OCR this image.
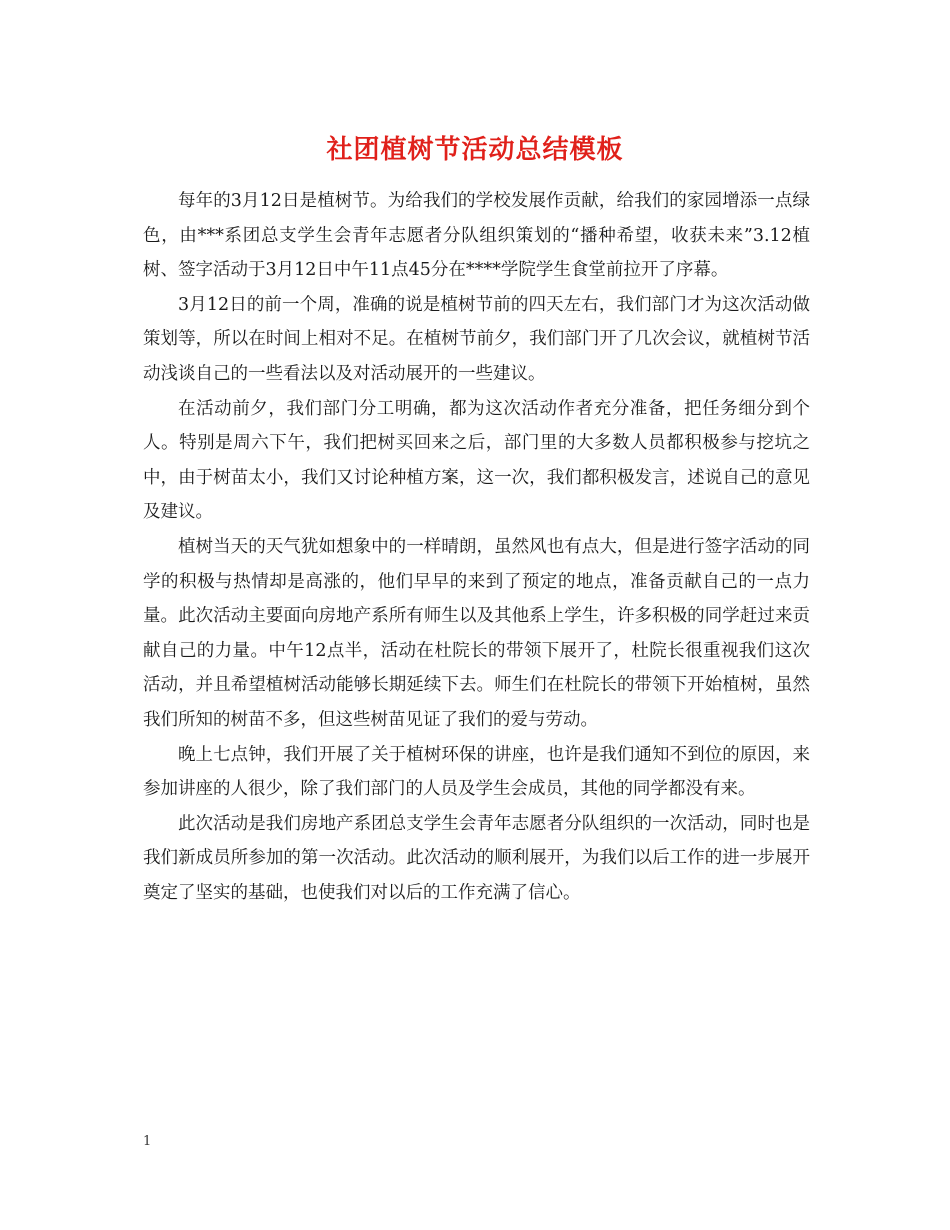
社团植树节活动总结模板

每年的3月12日是植树节。为给我们的学校发展作贡献，给我们的家园增添一点绿色，由***系团总支学生会青年志愿者分队组织策划的“播种希望，收获未来”3.12植树、签字活动于3月12日中午11点45分在****学院学生食堂前拉开了序幕。

3月12日的前一个周，准确的说是植树节前的四天左右，我们部门才为这次活动做策划等，所以在时间上相对不足。在植树节前夕，我们部门开了几次会议，就植树节活动浅谈自己的一些看法以及对活动展开的一些建议。

在活动前夕，我们部门分工明确，都为这次活动作者充分准备，把任务细分到个人。特别是周六下午，我们把树买回来之后，部门里的大多数人员都积极参与挖坑之中，由于树苗太小，我们又讨论种植方案，这一次，我们都积极发言，述说自己的意见及建议。

植树当天的天气犹如想象中的一样晴朗，虽然风也有点大，但是进行签字活动的同学的积极与热情却是高涨的，他们早早的来到了预定的地点，准备贡献自己的一点力量。此次活动主要面向房地产系所有师生以及其他系上学生，许多积极的同学赶过来贡献自己的力量。中午12点半，活动在杜院长的带领下展开了，杜院长很重视我们这次活动，并且希望植树活动能够长期延续下去。师生们在杜院长的带领下开始植树，虽然我们所知的树苗不多，但这些树苗见证了我们的爱与劳动。

晚上七点钟，我们开展了关于植树环保的讲座，也许是我们通知不到位的原因，来参加讲座的人很少，除了我们部门的人员及学生会成员，其他的同学都没有来。

此次活动是我们房地产系团总支学生会青年志愿者分队组织的一次活动，同时也是我们新成员所参加的第一次活动。此次活动的顺利展开，为我们以后工作的进一步展开奠定了坚实的基础，也使我们对以后的工作充满了信心。

1
